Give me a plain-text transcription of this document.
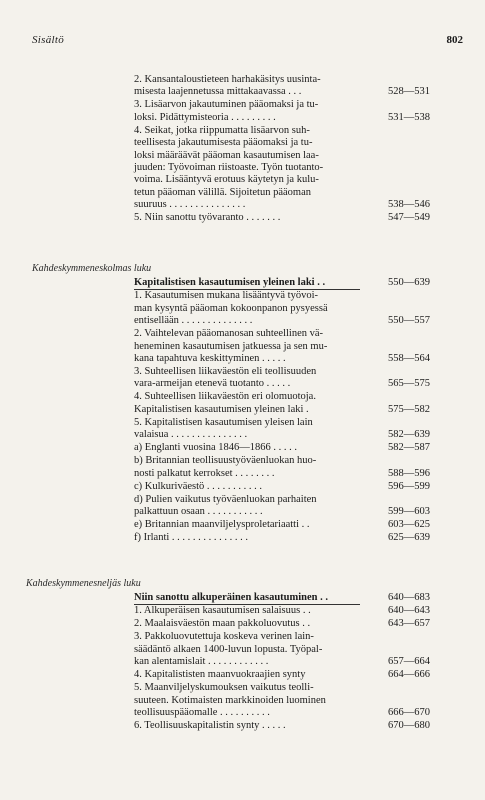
Sisältö	802
2. Kansantaloustieteen harhakäsitys uusinta-
misesta laajennetussa mittakaavassa . . .	528—531
3. Lisäarvon jakautuminen pääomaksi ja tu-
loksi. Pidättymisteoria . . . . . . . . .	531—538
4. Seikat, jotka riippumatta lisäarvon suh-
teellisesta jakautumisesta pääomaksi ja tu-
loksi määräävät pääoman kasautumisen laa-
juuden: Työvoiman riistoaste. Työn tuotanto-
voima. Lisääntyvä erotuus käytetyn ja kulu-
tetun pääoman välillä. Sijoitetun pääoman
suuruus . . . . . . . . . . . . . . .	538—546
5. Niin sanottu työvaranto . . . . . . .	547—549
Kahdeskymmeneskolmas luku
Kapitalistisen kasautumisen yleinen laki . .	550—639
1. Kasautumisen mukana lisääntyvä työvoi-
man kysyntä pääoman kokoonpanon pysyessä
entisellään . . . . . . . . . . . . . .	550—557
2. Vaihtelevan pääomanosan suhteellinen vä-
heneminen kasautumisen jatkuessa ja sen mu-
kana tapahtuva keskittyminen . . . . .	558—564
3. Suhteellisen liikaväestön eli teollisuuden
vara-armeijan etenevä tuotanto . . . . .	565—575
4. Suhteellisen liikaväestön eri olomuotoja.
Kapitalistisen kasautumisen yleinen laki .	575—582
5. Kapitalistisen kasautumisen yleisen lain
valaisua . . . . . . . . . . . . . . .	582—639
a) Englanti vuosina 1846—1866 . . . . .	582—587
b) Britannian teollisuustyöväenluokan huo-
nosti palkatut kerrokset . . . . . . . .	588—596
c) Kulkuriväestö . . . . . . . . . . .	596—599
d) Pulien vaikutus työväenluokan parhaiten
palkattuun osaan . . . . . . . . . . .	599—603
e) Britannian maanviljelysproletariaatti . .	603—625
f) Irlanti . . . . . . . . . . . . . . .	625—639
Kahdeskymmenesneljäs luku
Niin sanottu alkuperäinen kasautuminen . .	640—683
1. Alkuperäisen kasautumisen salaisuus . .	640—643
2. Maalaisväestön maan pakkoluovutus . .	643—657
3. Pakkoluovutettuja koskeva verinen lain-
säädäntö alkaen 1400-luvun lopusta. Työpal-
kan alentamislait . . . . . . . . . . . .	657—664
4. Kapitalististen maanvuokraajien synty	664—666
5. Maanviljelyskumouksen vaikutus teolli-
suuteen. Kotimaisten markkinoiden luominen
teollisuuspääomalle . . . . . . . . . .	666—670
6. Teollisuuskapitalistin synty . . . . .	670—680
